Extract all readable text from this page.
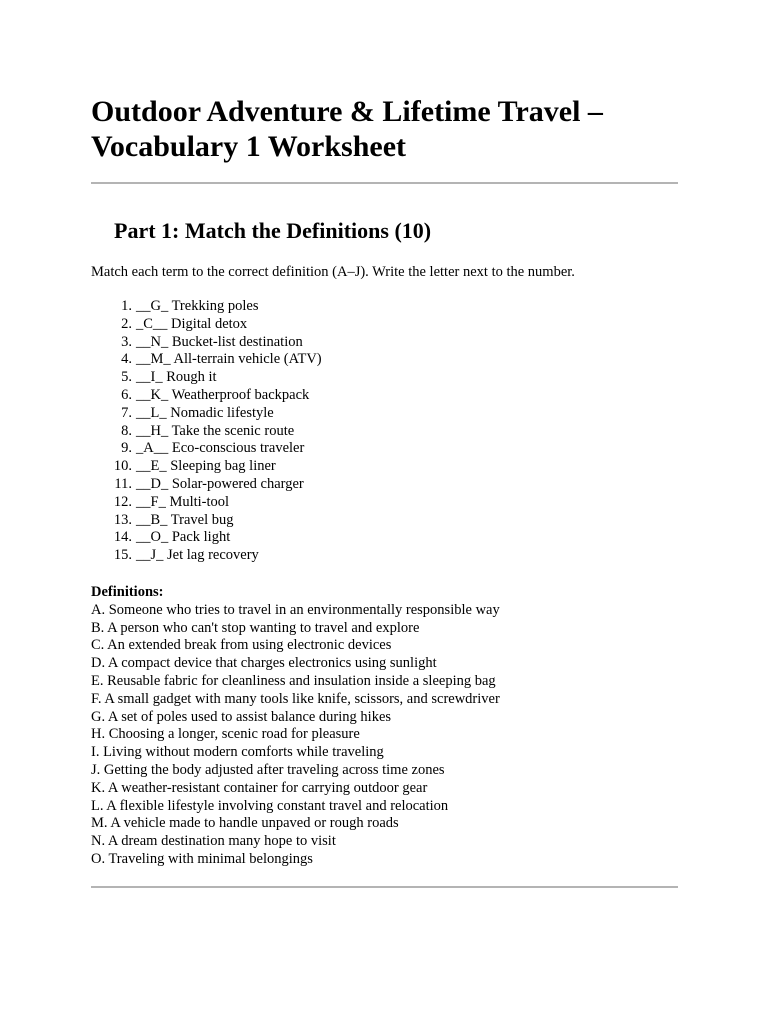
Outdoor Adventure & Lifetime Travel –
Vocabulary 1 Worksheet
Part 1: Match the Definitions (10)

Match each term to the correct definition (A–J). Write the letter next to the number.

1. __G_ Trekking poles
2. _C__ Digital detox
3. __N_ Bucket-list destination
4. __M_ All-terrain vehicle (ATV)
5. __I_ Rough it
6. __K_ Weatherproof backpack
7. __L_ Nomadic lifestyle
8. __H_ Take the scenic route
9. _A__ Eco-conscious traveler
10. __E_ Sleeping bag liner
11. __D_ Solar-powered charger
12. __F_ Multi-tool
13. __B_ Travel bug
14. __O_ Pack light
15. __J_ Jet lag recovery
Definitions:
A. Someone who tries to travel in an environmentally responsible way
B. A person who can't stop wanting to travel and explore
C. An extended break from using electronic devices
D. A compact device that charges electronics using sunlight
E. Reusable fabric for cleanliness and insulation inside a sleeping bag
F. A small gadget with many tools like knife, scissors, and screwdriver
G. A set of poles used to assist balance during hikes
H. Choosing a longer, scenic road for pleasure
I. Living without modern comforts while traveling
J. Getting the body adjusted after traveling across time zones
K. A weather-resistant container for carrying outdoor gear
L. A flexible lifestyle involving constant travel and relocation
M. A vehicle made to handle unpaved or rough roads
N. A dream destination many hope to visit
O. Traveling with minimal belongings
